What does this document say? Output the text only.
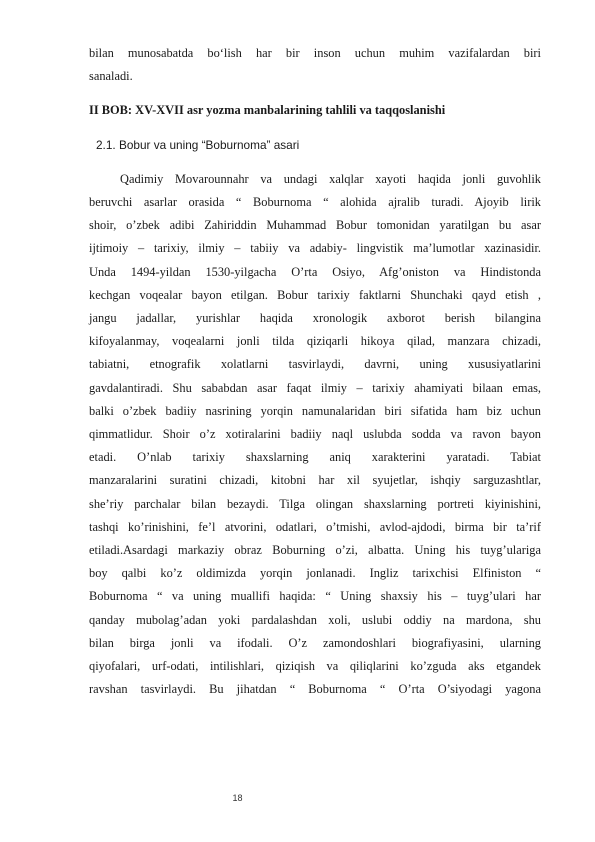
bilan munosabatda bo‘lish har bir inson uchun muhim vazifalardan biri

sanaladi.

II BOB: XV-XVII asr yozma manbalarining tahlili va taqqoslanishi
2.1. Bobur va uning “Boburnoma” asari

Qadimiy Movarounnahr va undagi xalqlar xayoti haqida jonli guvohlik

beruvchi asarlar orasida “ Boburnoma “ alohida ajralib turadi. Ajoyib lirik

shoir, o’zbek adibi Zahiriddin Muhammad Bobur tomonidan yaratilgan bu asar

ijtimoiy – tarixiy, ilmiy – tabiiy va adabiy- lingvistik ma’lumotlar xazinasidir.

Unda 1494-yildan 1530-yilgacha O’rta Osiyo, Afg’oniston va Hindistonda

kechgan voqealar bayon etilgan. Bobur tarixiy faktlarni Shunchaki qayd etish ,

jangu jadallar, yurishlar haqida xronologik axborot berish bilangina

kifoyalanmay, voqealarni jonli tilda qiziqarli hikoya qilad, manzara chizadi,

tabiatni, etnografik xolatlarni tasvirlaydi, davrni, uning xususiyatlarini

gavdalantiradi. Shu sababdan asar faqat ilmiy – tarixiy ahamiyati bilaan emas,

balki o’zbek badiiy nasrining yorqin namunalaridan biri sifatida ham biz uchun

qimmatlidur. Shoir o’z xotiralarini badiiy naql uslubda sodda va ravon bayon

etadi. O’nlab tarixiy shaxslarning aniq xarakterini yaratadi. Tabiat

manzaralarini suratini chizadi, kitobni har xil syujetlar, ishqiy sarguzashtlar,

she’riy parchalar bilan bezaydi. Tilga olingan shaxslarning portreti kiyinishini,

tashqi ko’rinishini, fe’l atvorini, odatlari, o’tmishi, avlod-ajdodi, birma bir ta’rif

etiladi.Asardagi markaziy obraz Boburning o’zi, albatta. Uning his tuyg’ulariga

boy qalbi ko’z oldimizda yorqin jonlanadi. Ingliz tarixchisi Elfiniston “

Boburnoma “ va uning muallifi haqida: “ Uning shaxsiy his – tuyg’ulari har

qanday mubolag’adan yoki pardalashdan xoli, uslubi oddiy na mardona, shu

bilan birga jonli va ifodali. O’z zamondoshlari biografiyasini, ularning

qiyofalari, urf-odati, intilishlari, qiziqish va qiliqlarini ko’zguda aks etgandek

ravshan tasvirlaydi. Bu jihatdan “ Boburnoma “ O’rta O’siyodagi yagona

18
